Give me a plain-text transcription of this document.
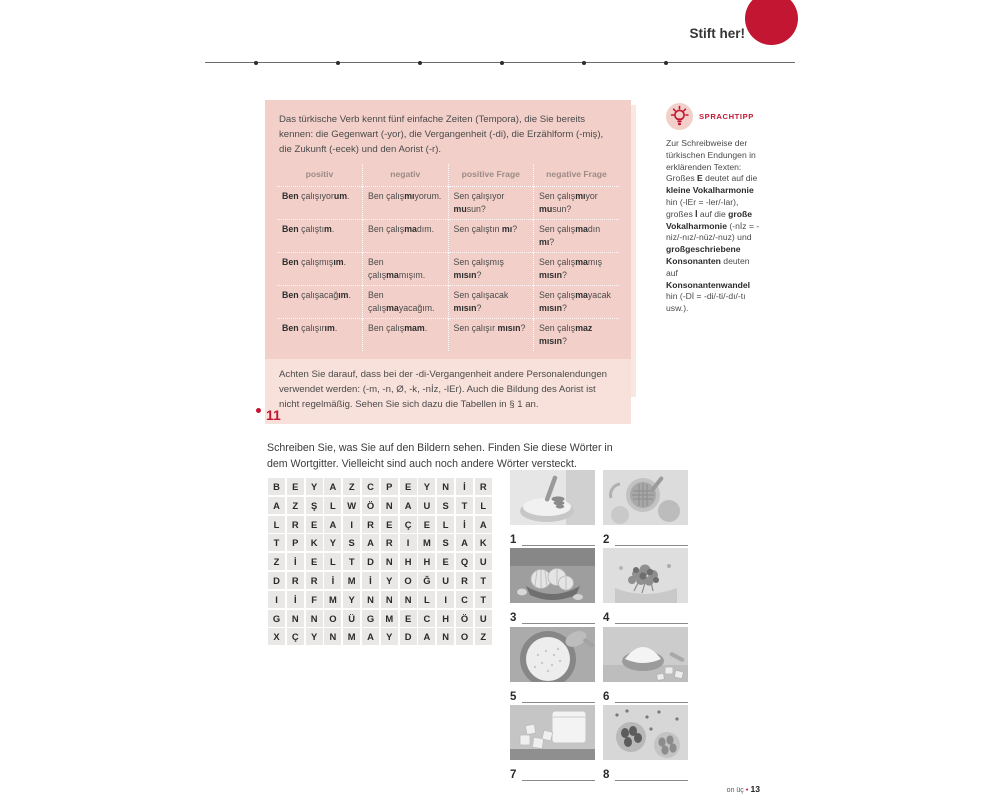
Stift her!

Das türkische Verb kennt fünf einfache Zeiten (Tempora), die Sie bereits kennen: die Gegenwart (-yor), die Vergangenheit (-di), die Erzählform (-miş), die Zukunft (-ecek) und den Aorist (-r).

positiv	negativ	positive Frage	negative Frage
Ben çalışıyorum.	Ben çalışmıyorum.	Sen çalışıyor musun?	Sen çalışmıyor musun?
Ben çalıştım.	Ben çalışmadım.	Sen çalıştın mı?	Sen çalışmadın mı?
Ben çalışmışım.	Ben çalışmamışım.	Sen çalışmış mısın?	Sen çalışmamış mısın?
Ben çalışacağım.	Ben çalışmayacağım.	Sen çalışacak mısın?	Sen çalışmayacak mısın?
Ben çalışırım.	Ben çalışmam.	Sen çalışır mısın?	Sen çalışmaz mısın?

Achten Sie darauf, dass bei der -di-Vergangenheit andere Personalendungen verwendet werden: (-m, -n, Ø, -k, -nİz, -lEr). Auch die Bildung des Aorist ist nicht regelmäßig. Sehen Sie sich dazu die Tabellen in § 1 an.

SPRACHTIPP

Zur Schreibweise der türkischen Endungen in erklärenden Texten: Großes E deutet auf die kleine Vokalharmonie hin (-lEr = -ler/-lar), großes İ auf die große Vokalharmonie (-nİz = -niz/-nız/-nüz/-nuz) und großgeschriebene Konsonanten deuten auf Konsonantenwandel hin (-Dİ = -di/-ti/-dı/-tı usw.).

11

Schreiben Sie, was Sie auf den Bildern sehen. Finden Sie diese Wörter in dem Wortgitter. Vielleicht sind auch noch andere Wörter versteckt.

B	E	Y	A	Z	C	P	E	Y	N	İ	R
A	Z	Ş	L	W	Ö	N	A	U	S	T	L
L	R	E	A	I	R	E	Ç	E	L	İ	A
T	P	K	Y	S	A	R	I	M	S	A	K
Z	İ	E	L	T	D	N	H	H	E	Q	U
D	R	R	İ	M	İ	Y	O	Ğ	U	R	T
I	İ	F	M	Y	N	N	N	L	I	C	T
G	N	N	O	Ü	G	M	E	C	H	Ö	U
X	Ç	Y	N	M	A	Y	D	A	N	O	Z
1	2
3	4
5	6
7	8
on üç • 13
